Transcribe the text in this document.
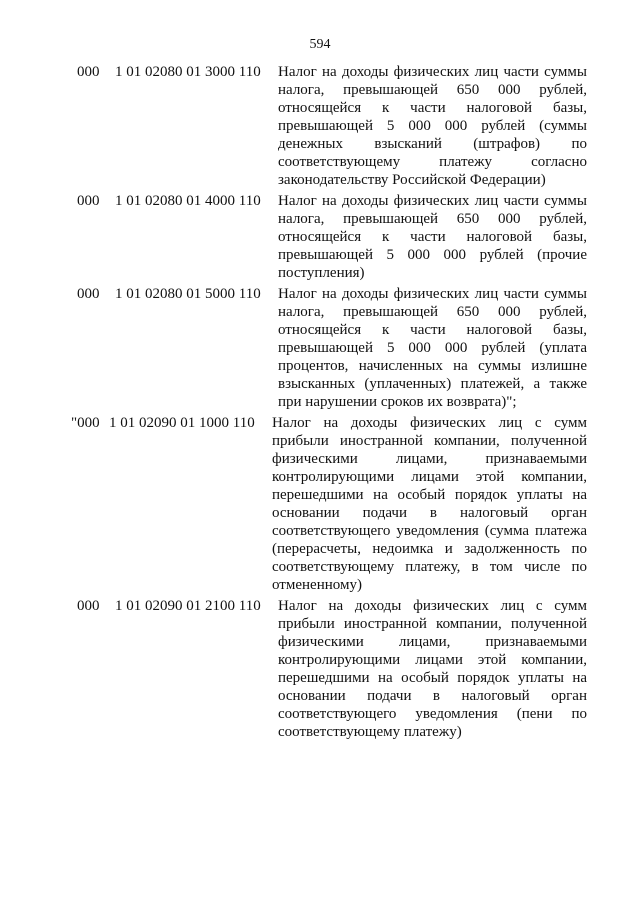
594
000	1 01 02080 01 3000 110	Налог на доходы физических лиц части суммы налога, превышающей 650 000 рублей, относящейся к части налоговой базы, превышающей 5 000 000 рублей (суммы денежных взысканий (штрафов) по соответствующему платежу согласно законодательству Российской Федерации)
000	1 01 02080 01 4000 110	Налог на доходы физических лиц части суммы налога, превышающей 650 000 рублей, относящейся к части налоговой базы, превышающей 5 000 000 рублей (прочие поступления)
000	1 01 02080 01 5000 110	Налог на доходы физических лиц части суммы налога, превышающей 650 000 рублей, относящейся к части налоговой базы, превышающей 5 000 000 рублей (уплата процентов, начисленных на суммы излишне взысканных (уплаченных) платежей, а также при нарушении сроков их возврата)";
"000 1 01 02090 01 1000 110	Налог на доходы физических лиц с сумм прибыли иностранной компании, полученной физическими лицами, признаваемыми контролирующими лицами этой компании, перешедшими на особый порядок уплаты на основании подачи в налоговый орган соответствующего уведомления (сумма платежа (перерасчеты, недоимка и задолженность по соответствующему платежу, в том числе по отмененному)
000	1 01 02090 01 2100 110	Налог на доходы физических лиц с сумм прибыли иностранной компании, полученной физическими лицами, признаваемыми контролирующими лицами этой компании, перешедшими на особый порядок уплаты на основании подачи в налоговый орган соответствующего уведомления (пени по соответствующему платежу)
